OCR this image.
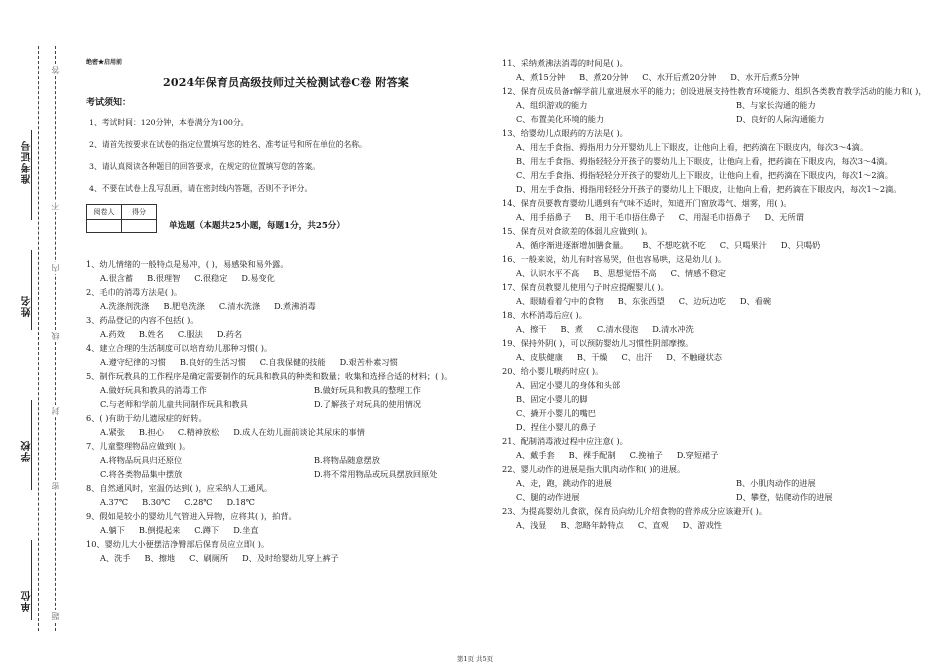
准考证号
姓名
学校
单位
密
封
线
内
不
答
题
绝密★启用前
2024年保育员高级技师过关检测试卷C卷 附答案
考试须知：
1、考试时间：120分钟，本卷满分为100分。
2、请首先按要求在试卷的指定位置填写您的姓名、准考证号和所在单位的名称。
3、请认真阅读各种题目的回答要求，在规定的位置填写您的答案。
4、不要在试卷上乱写乱画，请在密封线内答题，否则不予评分。
阅卷人	得分

单选题（本题共25小题，每题1分，共25分）
1、幼儿情绪的一般特点是易冲，( )，易感染和易外露。
A.很含蓄 B.很理智 C.很稳定 D.易变化
2、毛巾的消毒方法是( )。
A.洗涤剂洗涤 B.肥皂洗涤 C.清水洗涤 D.煮沸消毒
3、药品登记的内容不包括( )。
A.药效 B.姓名 C.服法 D.药名
4、建立合理的生活制度可以培育幼儿那种习惯( )。
A.遵守纪律的习惯 B.良好的生活习惯 C.自我保健的技能 D.艰苦朴素习惯
5、制作玩教具的工作程序是确定需要制作的玩具和教具的种类和数量；收集和选择合适的材料；( )。
A.做好玩具和教具的消毒工作	B.做好玩具和教具的整理工作
C.与老师和学前儿童共同制作玩具和教具	D.了解孩子对玩具的使用情况
6、( )有助于幼儿遗尿症的好转。
A.紧张 B.担心 C.精神放松 D.成人在幼儿面前谈论其尿床的事情
7、儿童整理物品应做到( )。
A.将物品玩具归还原位	B.将物品随意摆放
C.将各类物品集中摆放	D.将不常用物品或玩具摆放回原处
8、自然通风时，室温仍达到( )，应采纳人工通风。
A.37℃ B.30℃ C.28℃ D.18℃
9、假如是较小的婴幼儿气管进入异物，应将其( )，拍背。
A.躺下 B.倒提起来 C.蹲下 D.坐直
10、婴幼儿大小便摆洁净臀部后保育员应立即( )。
A、洗手 B、擦地 C、刷厕所 D、及时给婴幼儿穿上裤子
11、采纳煮沸法消毒的时间是( )。
A、煮15分钟 B、煮20分钟 C、水开后煮20分钟 D、水开后煮5分钟
12、保育员成员备r解学前儿童进展水平的能力；创设进展支持性教育环境能力、组织各类教育教学活动的能力和( )，
A、组织游戏的能力	B、与家长沟通的能力
C、布置美化环境的能力	D、良好的人际沟通能力
13、给婴幼儿点眼药的方法是( )。
A、用左手食指、拇指用力分开婴幼儿上下眼皮，让他向上看，把药滴在下眼皮内，每次3～4滴。
B、用左手食指、拇指轻轻分开孩子的婴幼儿上下眼皮，让他向上看，把药滴在下眼皮内，每次3～4滴。
C、用左手食指、拇指轻轻分开孩子的婴幼儿上下眼皮，让他向上看，把药滴在下眼皮内，每次1～2滴。
D、用左手食指、拇指用轻轻分开孩子的婴幼儿上下眼皮，让他向上看，把药滴在下眼皮内，每次1～2滴。
14、保育员要教育婴幼儿遇到有气味不适时，知道开门窗放毒气、烟雾，用( )。
A、用手捂鼻子 B、用干毛巾捂住鼻子 C、用湿毛巾捂鼻子 D、无所谓
15、保育员对食欲差的体弱儿应做到( )。
A、循序渐进逐渐增加膳食量。 B、不想吃就不吃 C、只喝果汁 D、只喝奶
16、一般来说，幼儿有时容易哭，但也容易哄，这是幼儿( )。
A、认识水平不高 B、思想觉悟不高 C、情感不稳定
17、保育员教婴儿使用勺子时应提醒婴儿( )。
A、眼睛看着勺中的食物 B、东张西望 C、边玩边吃 D、看碗
18、水杯消毒后应( )。
A、擦干 B、煮 C.清水侵泡 D.清水冲洗
19、保持外阴( )，可以预防婴幼儿习惯性阴部摩擦。
A、皮肤健康 B、干燥 C、出汗 D、不触碰状态
20、给小婴儿喂药时应( )。
A、固定小婴儿的身体和头部
B、固定小婴儿的脚
C、撬开小婴儿的嘴巴
D、捏住小婴儿的鼻子
21、配制消毒液过程中应注意( )。
A、戴手套 B、裸手配制 C.挽袖子 D.穿短裙子
22、婴儿动作的进展是指大肌肉动作和( )的进展。
A、走，跑，跳动作的进展	B、小肌肉动作的进展
C、腿的动作进展	D、攀登，钻爬动作的进展
23、为提高婴幼儿食欲，保育员向幼儿介绍食物的营养成分应该避开( )。
A、浅显 B、忽略年龄特点 C、直观 D、游戏性
第1页 共5页
